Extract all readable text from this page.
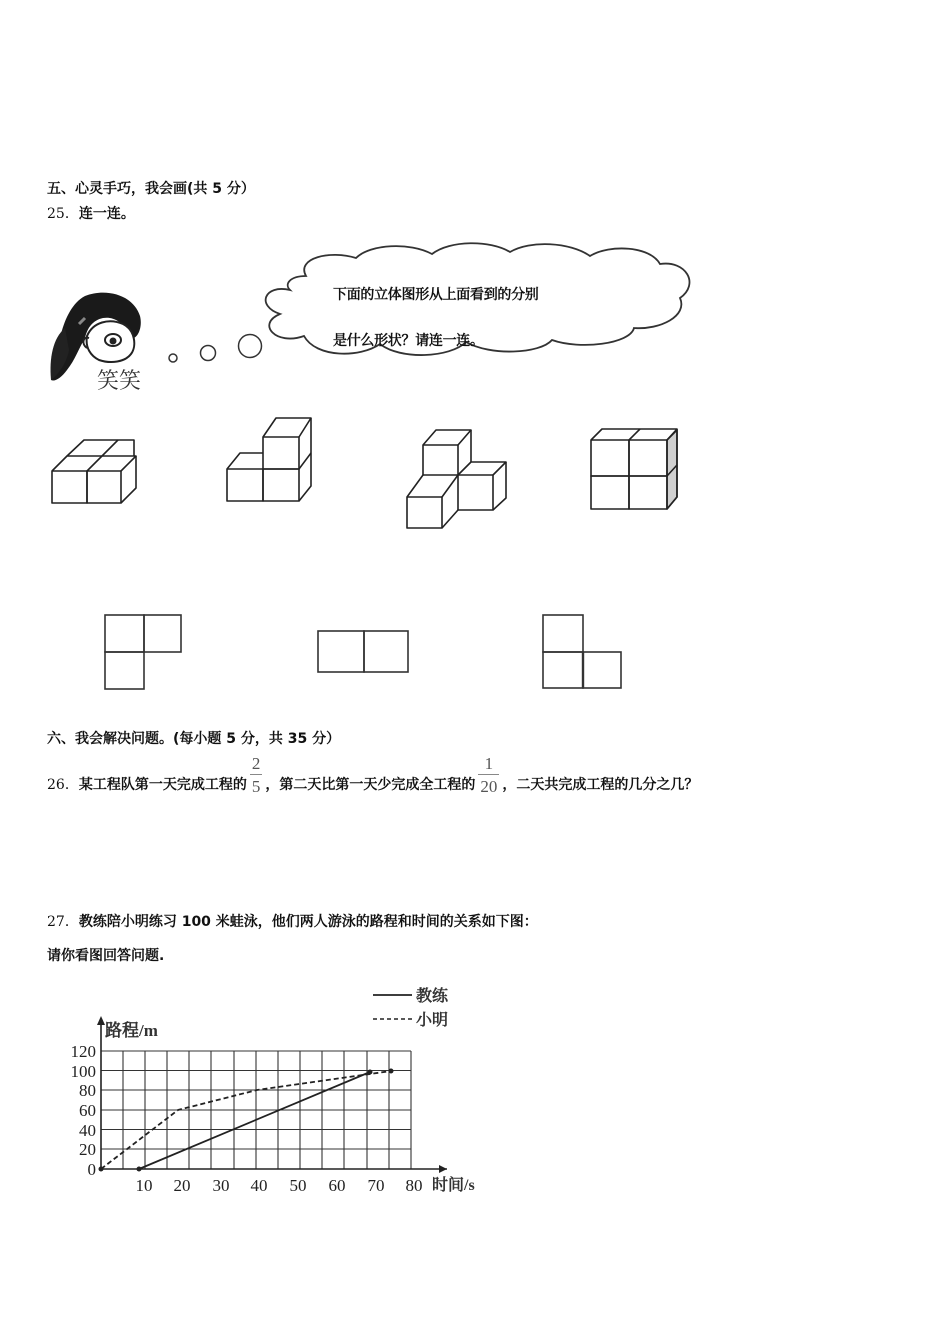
五、心灵手巧，我会画(共 5 分）
25．连一连。
笑笑
下面的立体图形从上面看到的分别
是什么形状？请连一连。
六、我会解决问题。(每小题 5 分，共 35 分）
26．某工程队第一天完成工程的 $\frac{2}{5}$ ，第二天比第一天少完成全工程的 $\frac{1}{20}$ ，二天共完成工程的几分之几？
27．教练陪小明练习 100 米蛙泳，他们两人游泳的路程和时间的关系如下图：
请你看图回答问题.
教练
小明
路程/m
时间/s
0
20
40
60
80
100
120
10 20 30 40 50 60 70 80
